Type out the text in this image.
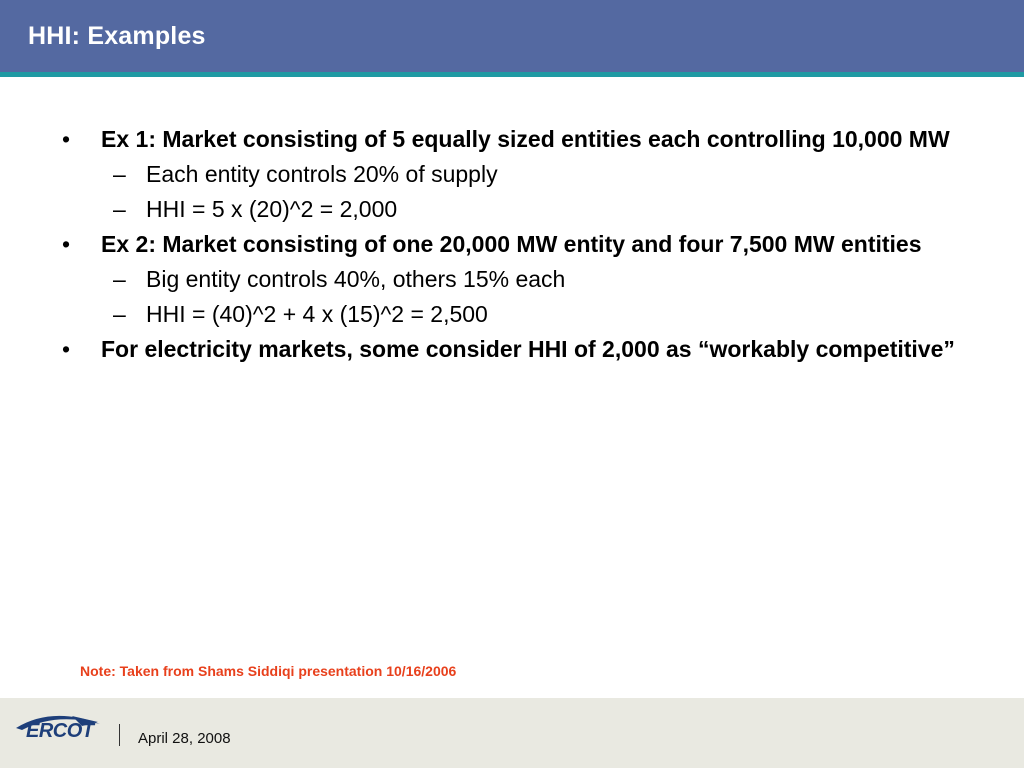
HHI: Examples
• Ex 1: Market consisting of 5 equally sized entities each controlling 10,000 MW
– Each entity controls 20% of supply
– HHI = 5 x (20)^2 = 2,000
• Ex 2: Market consisting of one 20,000 MW entity and four 7,500 MW entities
– Big entity controls 40%, others 15% each
– HHI = (40)^2 + 4 x (15)^2 = 2,500
• For electricity markets, some consider HHI of 2,000 as “workably competitive”
Note: Taken from Shams Siddiqi presentation 10/16/2006
ERCOT	April 28, 2008
